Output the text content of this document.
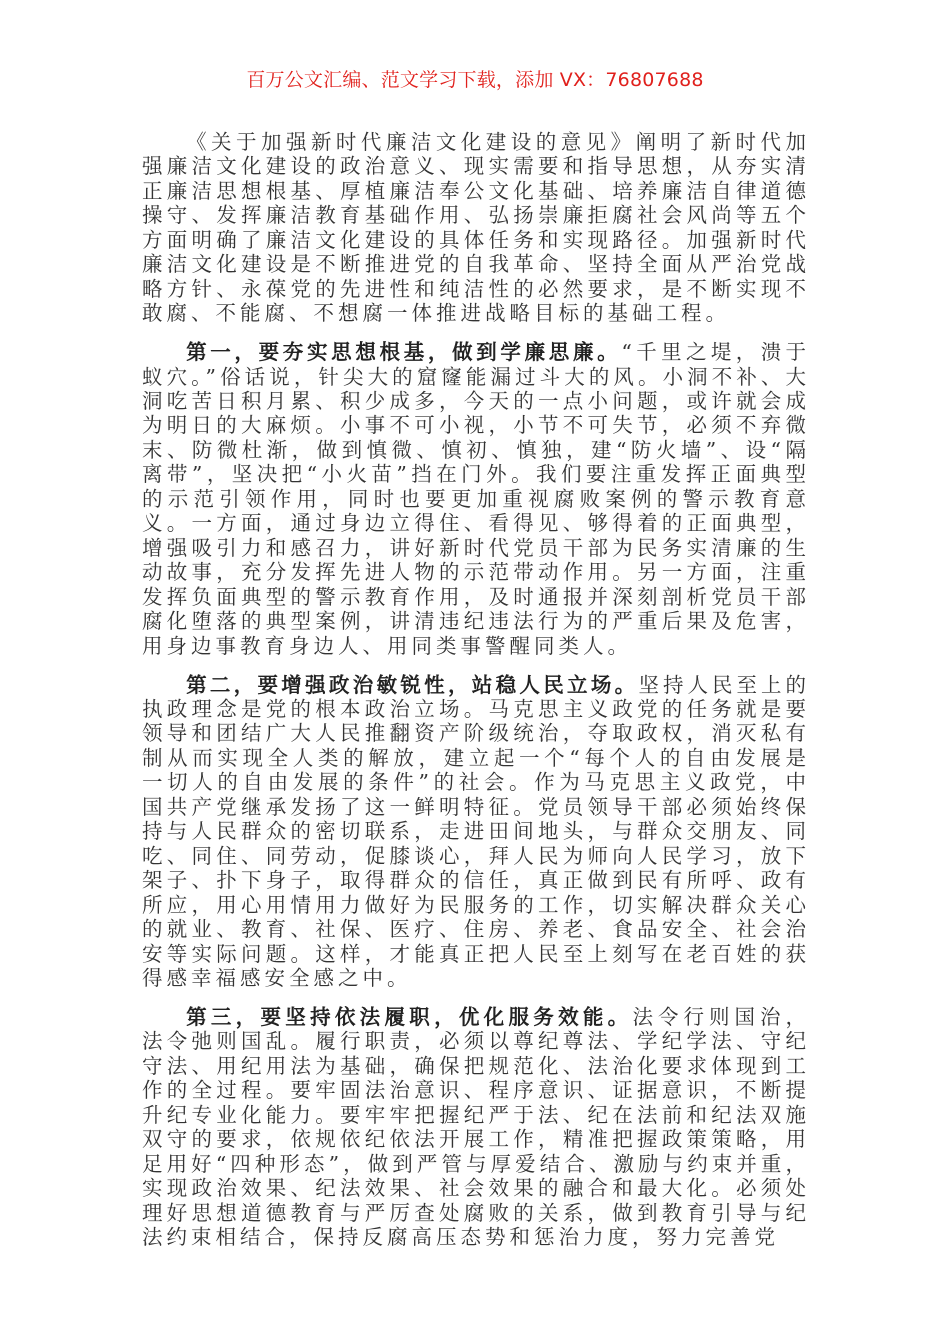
百万公文汇编、范文学习下载，添加 VX：76807688

《关于加强新时代廉洁文化建设的意见》阐明了新时代加强廉洁文化建设的政治意义、现实需要和指导思想，从夯实清正廉洁思想根基、厚植廉洁奉公文化基础、培养廉洁自律道德操守、发挥廉洁教育基础作用、弘扬崇廉拒腐社会风尚等五个方面明确了廉洁文化建设的具体任务和实现路径。加强新时代廉洁文化建设是不断推进党的自我革命、坚持全面从严治党战略方针、永葆党的先进性和纯洁性的必然要求，是不断实现不敢腐、不能腐、不想腐一体推进战略目标的基础工程。

第一，要夯实思想根基，做到学廉思廉。“千里之堤，溃于蚁穴。”俗话说，针尖大的窟窿能漏过斗大的风。小洞不补、大洞吃苦日积月累、积少成多，今天的一点小问题，或许就会成为明日的大麻烦。小事不可小视，小节不可失节，必须不弃微末、防微杜渐，做到慎微、慎初、慎独，建“防火墙”、设“隔离带”，坚决把“小火苗”挡在门外。我们要注重发挥正面典型的示范引领作用，同时也要更加重视腐败案例的警示教育意义。一方面，通过身边立得住、看得见、够得着的正面典型，增强吸引力和感召力，讲好新时代党员干部为民务实清廉的生动故事，充分发挥先进人物的示范带动作用。另一方面，注重发挥负面典型的警示教育作用，及时通报并深刻剖析党员干部腐化堕落的典型案例，讲清违纪违法行为的严重后果及危害，用身边事教育身边人、用同类事警醒同类人。

第二，要增强政治敏锐性，站稳人民立场。坚持人民至上的执政理念是党的根本政治立场。马克思主义政党的任务就是要领导和团结广大人民推翻资产阶级统治，夺取政权，消灭私有制从而实现全人类的解放，建立起一个“每个人的自由发展是一切人的自由发展的条件”的社会。作为马克思主义政党，中国共产党继承发扬了这一鲜明特征。党员领导干部必须始终保持与人民群众的密切联系，走进田间地头，与群众交朋友、同吃、同住、同劳动，促膝谈心，拜人民为师向人民学习，放下架子、扑下身子，取得群众的信任，真正做到民有所呼、政有所应，用心用情用力做好为民服务的工作，切实解决群众关心的就业、教育、社保、医疗、住房、养老、食品安全、社会治安等实际问题。这样，才能真正把人民至上刻写在老百姓的获得感幸福感安全感之中。

第三，要坚持依法履职，优化服务效能。法令行则国治，法令弛则国乱。履行职责，必须以尊纪尊法、学纪学法、守纪守法、用纪用法为基础，确保把规范化、法治化要求体现到工作的全过程。要牢固法治意识、程序意识、证据意识，不断提升纪专业化能力。要牢牢把握纪严于法、纪在法前和纪法双施双守的要求，依规依纪依法开展工作，精准把握政策策略，用足用好“四种形态”，做到严管与厚爱结合、激励与约束并重，实现政治效果、纪法效果、社会效果的融合和最大化。必须处理好思想道德教育与严厉查处腐败的关系，做到教育引导与纪法约束相结合，保持反腐高压态势和惩治力度，努力完善党
